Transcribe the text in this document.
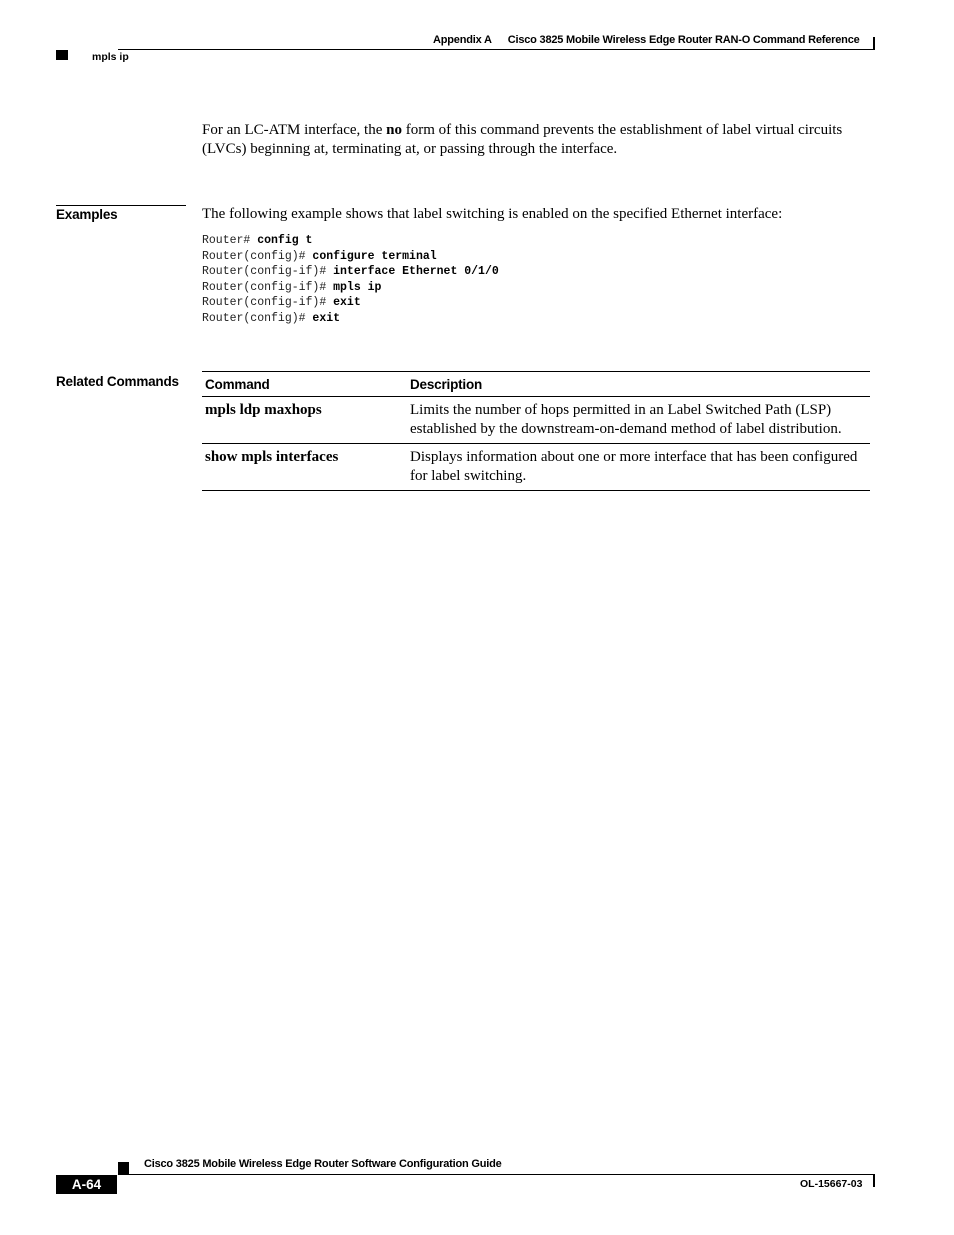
Appendix A Cisco 3825 Mobile Wireless Edge Router RAN-O Command Reference
mpls ip
For an LC-ATM interface, the no form of this command prevents the establishment of label virtual circuits (LVCs) beginning at, terminating at, or passing through the interface.
Examples	The following example shows that label switching is enabled on the specified Ethernet interface:
Router# config t
Router(config)# configure terminal
Router(config-if)# interface Ethernet 0/1/0
Router(config-if)# mpls ip
Router(config-if)# exit
Router(config)# exit
Related Commands Command	Description
mpls ldp maxhops	Limits the number of hops permitted in an Label Switched Path (LSP) established by the downstream-on-demand method of label distribution.
show mpls interfaces	Displays information about one or more interface that has been configured for label switching.
Cisco 3825 Mobile Wireless Edge Router Software Configuration Guide
A-64	OL-15667-03
